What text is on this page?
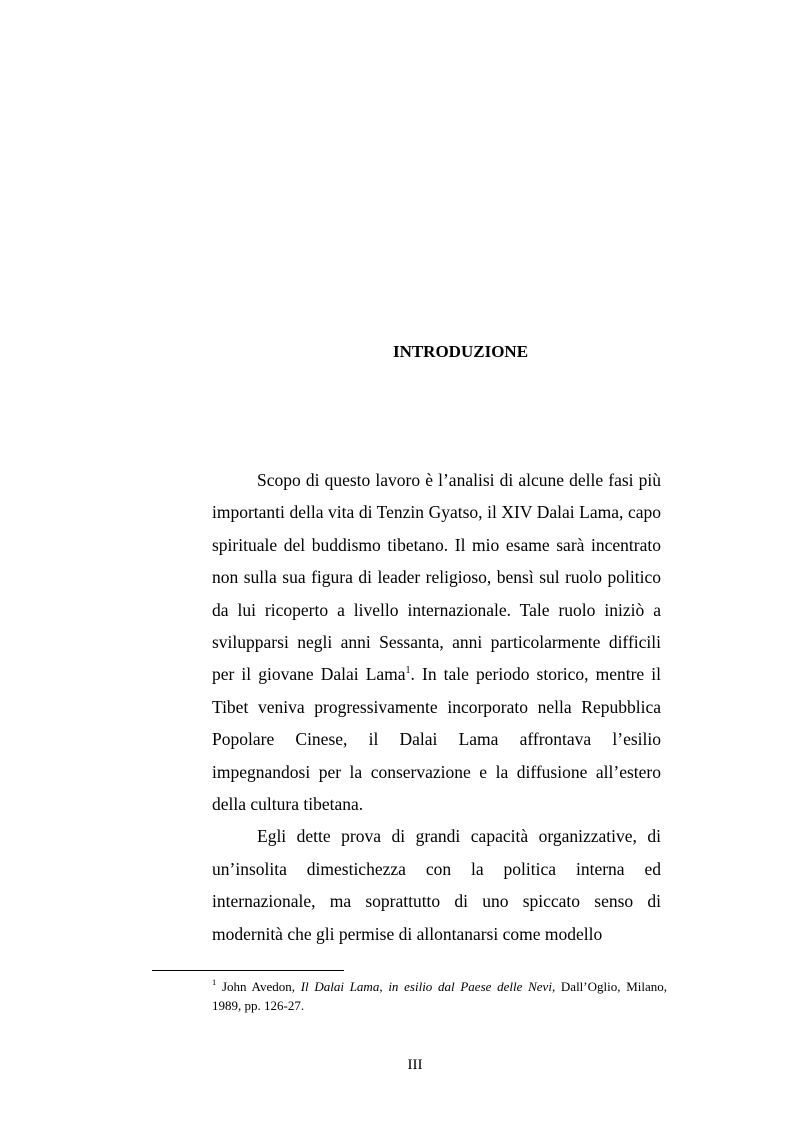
INTRODUZIONE

Scopo di questo lavoro è l’analisi di alcune delle fasi più importanti della vita di Tenzin Gyatso, il XIV Dalai Lama, capo spirituale del buddismo tibetano. Il mio esame sarà incentrato non sulla sua figura di leader religioso, bensì sul ruolo politico da lui ricoperto a livello internazionale. Tale ruolo iniziò a svilupparsi negli anni Sessanta, anni particolarmente difficili per il giovane Dalai Lama$^1$. In tale periodo storico, mentre il Tibet veniva progressivamente incorporato nella Repubblica Popolare Cinese, il Dalai Lama affrontava l’esilio impegnandosi per la conservazione e la diffusione all’estero della cultura tibetana.

Egli dette prova di grandi capacità organizzative, di un’insolita dimestichezza con la politica interna ed internazionale, ma soprattutto di uno spiccato senso di modernità che gli permise di allontanarsi come modello

$^1$ John Avedon, Il Dalai Lama, in esilio dal Paese delle Nevi, Dall’Oglio, Milano, 1989, pp. 126-27.
III
